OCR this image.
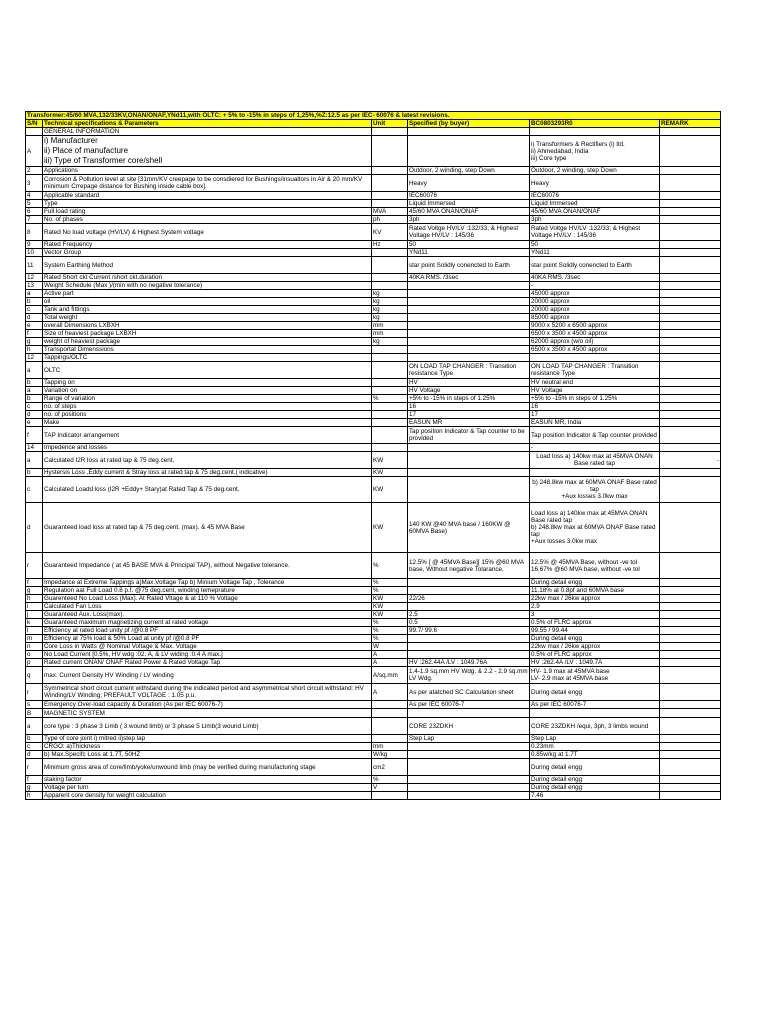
Transformer:45/60 MVA,132/33KV,ONAN/ONAF,YNd11,with OLTC: + 5% to -15% in steps of 1,25%,%Z:12.5 as per IEC- 60076 & latest revisions.					
S/N	Technical specifications & Parameters	Unit	Specified (by buyer)	BC0803293R0	REMARK
	GENERAL INFORMATION				
A	i) Manufacturer
ii) Place of manufacture
iii) Type of Transformer core/shell			i) Transformers & Rectifiers (i) ltd.
ii) Ahmedabad, India
iii) Core type	
2	Applications		Outdoor, 2 winding, step Down	Outdoor, 2 winding, step Down	
3	Corrosion & Pollution level at site [31mm/KV creepage to be consdiered for Bushings/insualtors in Air & 20 mm/KV minimum Crrepage distance for Bushing inside cable box].		Heavy	Heavy	
4	Applicable standard		IEC60076	IEC60076	
5	Type		Liquid Immersed	Liquid Immersed	
6	Full load rating	MVA	45/60 MVA ONAN/ONAF	45/60 MVA ONAN/ONAF	
7	No. of phases	ph	3ph	3ph	
8	Rated No load voltage (HV/LV) & Highest System voltage	KV	Rated Voltge HV/LV :132/33; & Highest Voltage HV/LV : 145/36	Rated Voltge HV/LV :132/33; & Highest Voltage HV/LV : 145/36	
9	Rated Frequency	Hz	50	50	
10	Vector Group		YNd11	YNd11	
11	System Earthing Method		star point Solidly conencted to Earth	star point Solidly conencted to Earth	
12	Rated Short ckt Current /short ckt.duration		40KA RMS. /3sec	40KA RMS. /3sec	
13	Weight Schedule (Max )/(min with no negative tolerance)			-	
a	Active part	kg		45000 approx	
b	oil	kg		20000 approx	
c	Tank and fittings	kg		20000 approx	
d	Total weight	kg		85000 approx	
e	overall Dimensions LXBXH	mm		9000 x 5200 x 6500 approx	
f	Size of heaviest package LXBXH	mm		6500 x 3500 x 4500 approx	
g	weight of heaviest package	kg		62000 approx (w/o oil)	
h	Transportat Dimenssions			6500 x 3500 x 4500 approx	
12	Tappings/OLTC				
a	OLTC		ON LOAD TAP CHANGER : Transition resistance Type	ON LOAD TAP CHANGER : Transition resistance Type	
b	Tapping on		HV	HV neutral end	
a	Variation on		HV Voltage	HV Voltage	
b	Range of variation	%	+5% to -15% in steps of 1.25%	+5% to -15% in steps of 1.25%	
c	no. of steps		16	16	
d	no. of positions		17	17	
e	Make		EASUN MR	EASUN MR, India	
f	TAP Indicator arrangement		Tap position Indicator & Tap counter to be provided	Tap position Indicator & Tap counter provided	
14	Impedence and losses			-	
a	Calculated I2R loss at rated tap & 75 deg.cent.	KW		Load loss a) 140kw max at 45MVA ONAN Base rated tap	-
b	Hystersis Loss ,Eddy current & Stray loss at rated tap & 75 deg.cent.( indicative)	KW			
c	Calculated Loadd loss (I2R +Eddy+ Stary)at Rated Tap & 75 deg.cent,	KW		b) 248.8kw max at 60MVA ONAF Base rated tap
+Aux losses 3.0kw max	
d	Guaranteed load loss at rated tap & 75 deg.cent. (max). & 45 MVA Base	KW	140 KW @40 MVA base / 160KW @ 60MVA Base)	Load loss a) 140kw max at 45MVA ONAN Base rated tap
b) 248.8kw max at 60MVA ONAF Base rated tap
+Aux losses 3.0kw max	
r	Guaranteed Impedance ( at 45 BASE MVA & Principal TAP), without Negative tolerance.	%	12.5% [ @ 45MVA Base][ 15% @60 MVA base, Without negative Tolarance.	12.5% @ 45MVA Base, without -ve tol
16.67% @60 MVA base, without -ve tol	
f	Impedance at Extreme Tappings a)Max.Voltage Tap b) Minium Voltage Tap , Tolerance	%		During detail engg	
g	Regulation aat Full Load 0.8 p.f. @75 deg.cent, winding temeprature	%		11.18% at 0.8pf and 60MVA base	
h	Guarenteed No Load Loss (Max). At Rated Vltage & at 110 % Voltage	KW	22/26	22kw max / 26kw approx	
i	Calculated Fan Loss	KW		2.9	
j	Guaranteed Aux. Loss(max).	KW	2.5	3	
k	Guaranteed maximum magnetizing current at rated voltage	%	0.5	0.5% of FLRC approx	
l	Efficiency at rated load unity pf /@0.8 PF	%	99.7/ 99.6	99.55 / 99.44	
m	Efficiency at 75% load & 50% Load at unity pf /@0.8 PF	%		During detail engg	
n	Core Loss in Watts @ Nominal Voltage & Max. Voltage	W		22kw max / 26kw approx	
o	No Load Current [0.5%, HV wdg :02. A, & LV widing :0.4 A max.]	A		0.5% of FLRC approx	
p	Rated current ONAN/ ONAF Rated Power & Rated Voltage Tap	A	HV :262.44A /LV : 1049.76A	HV :262.4A /LV : 1049.7A	
q	max. Current Density HV Winding / LV winding	A/sq.mm	1.4-1.9 sq.mm HV Wdg. & 2.2 - 2.9 sq.mm LV Wdg.	HV- 1.9 max at 45MVA base
LV- 2.9 max at 45MVA base	
r	Symmetrical short circuit current withstand during the indicated period and asymmetrical short circuit withstand: HV Winding/LV Winding; PREFAULT VOLTAGE : 1.05 p.u.	A	As per atatched SC Calculation sheet	During detail engg	
s	Emergency Over-load capacity & Duration (As per IEC 60076-7)		As per IEC 60076-7	As per IEC 60076-7	
B	MAGNETIC SYSTEM				
a	core type : 3 phase 3 Limb ( 3 wound limb) or 3 phase 5 Limb(3 wound Limb)		CORE 23ZDKH	CORE 23ZDKH /equi, 3ph, 3 limbs wound	
b	Type of core joint i) mitred ii)step lap		Step Lap	Step Lap	
c	CRGO: a)Thickness	mm		0.23mm	
d	b) Max.Specifc Loss at 1.7T, 50HZ	W/kg		0.85w/kg at 1.7T	
r	Minimum gross area of core/limb/yoke/unwound limb (may be verified during manufacturing stage	cm2		During detail engg	
f	staking factor	%		During detail engg	
g	Voltage per turn	V		During detail engg	
h	Apparent core density for weight calculation			7.46	
